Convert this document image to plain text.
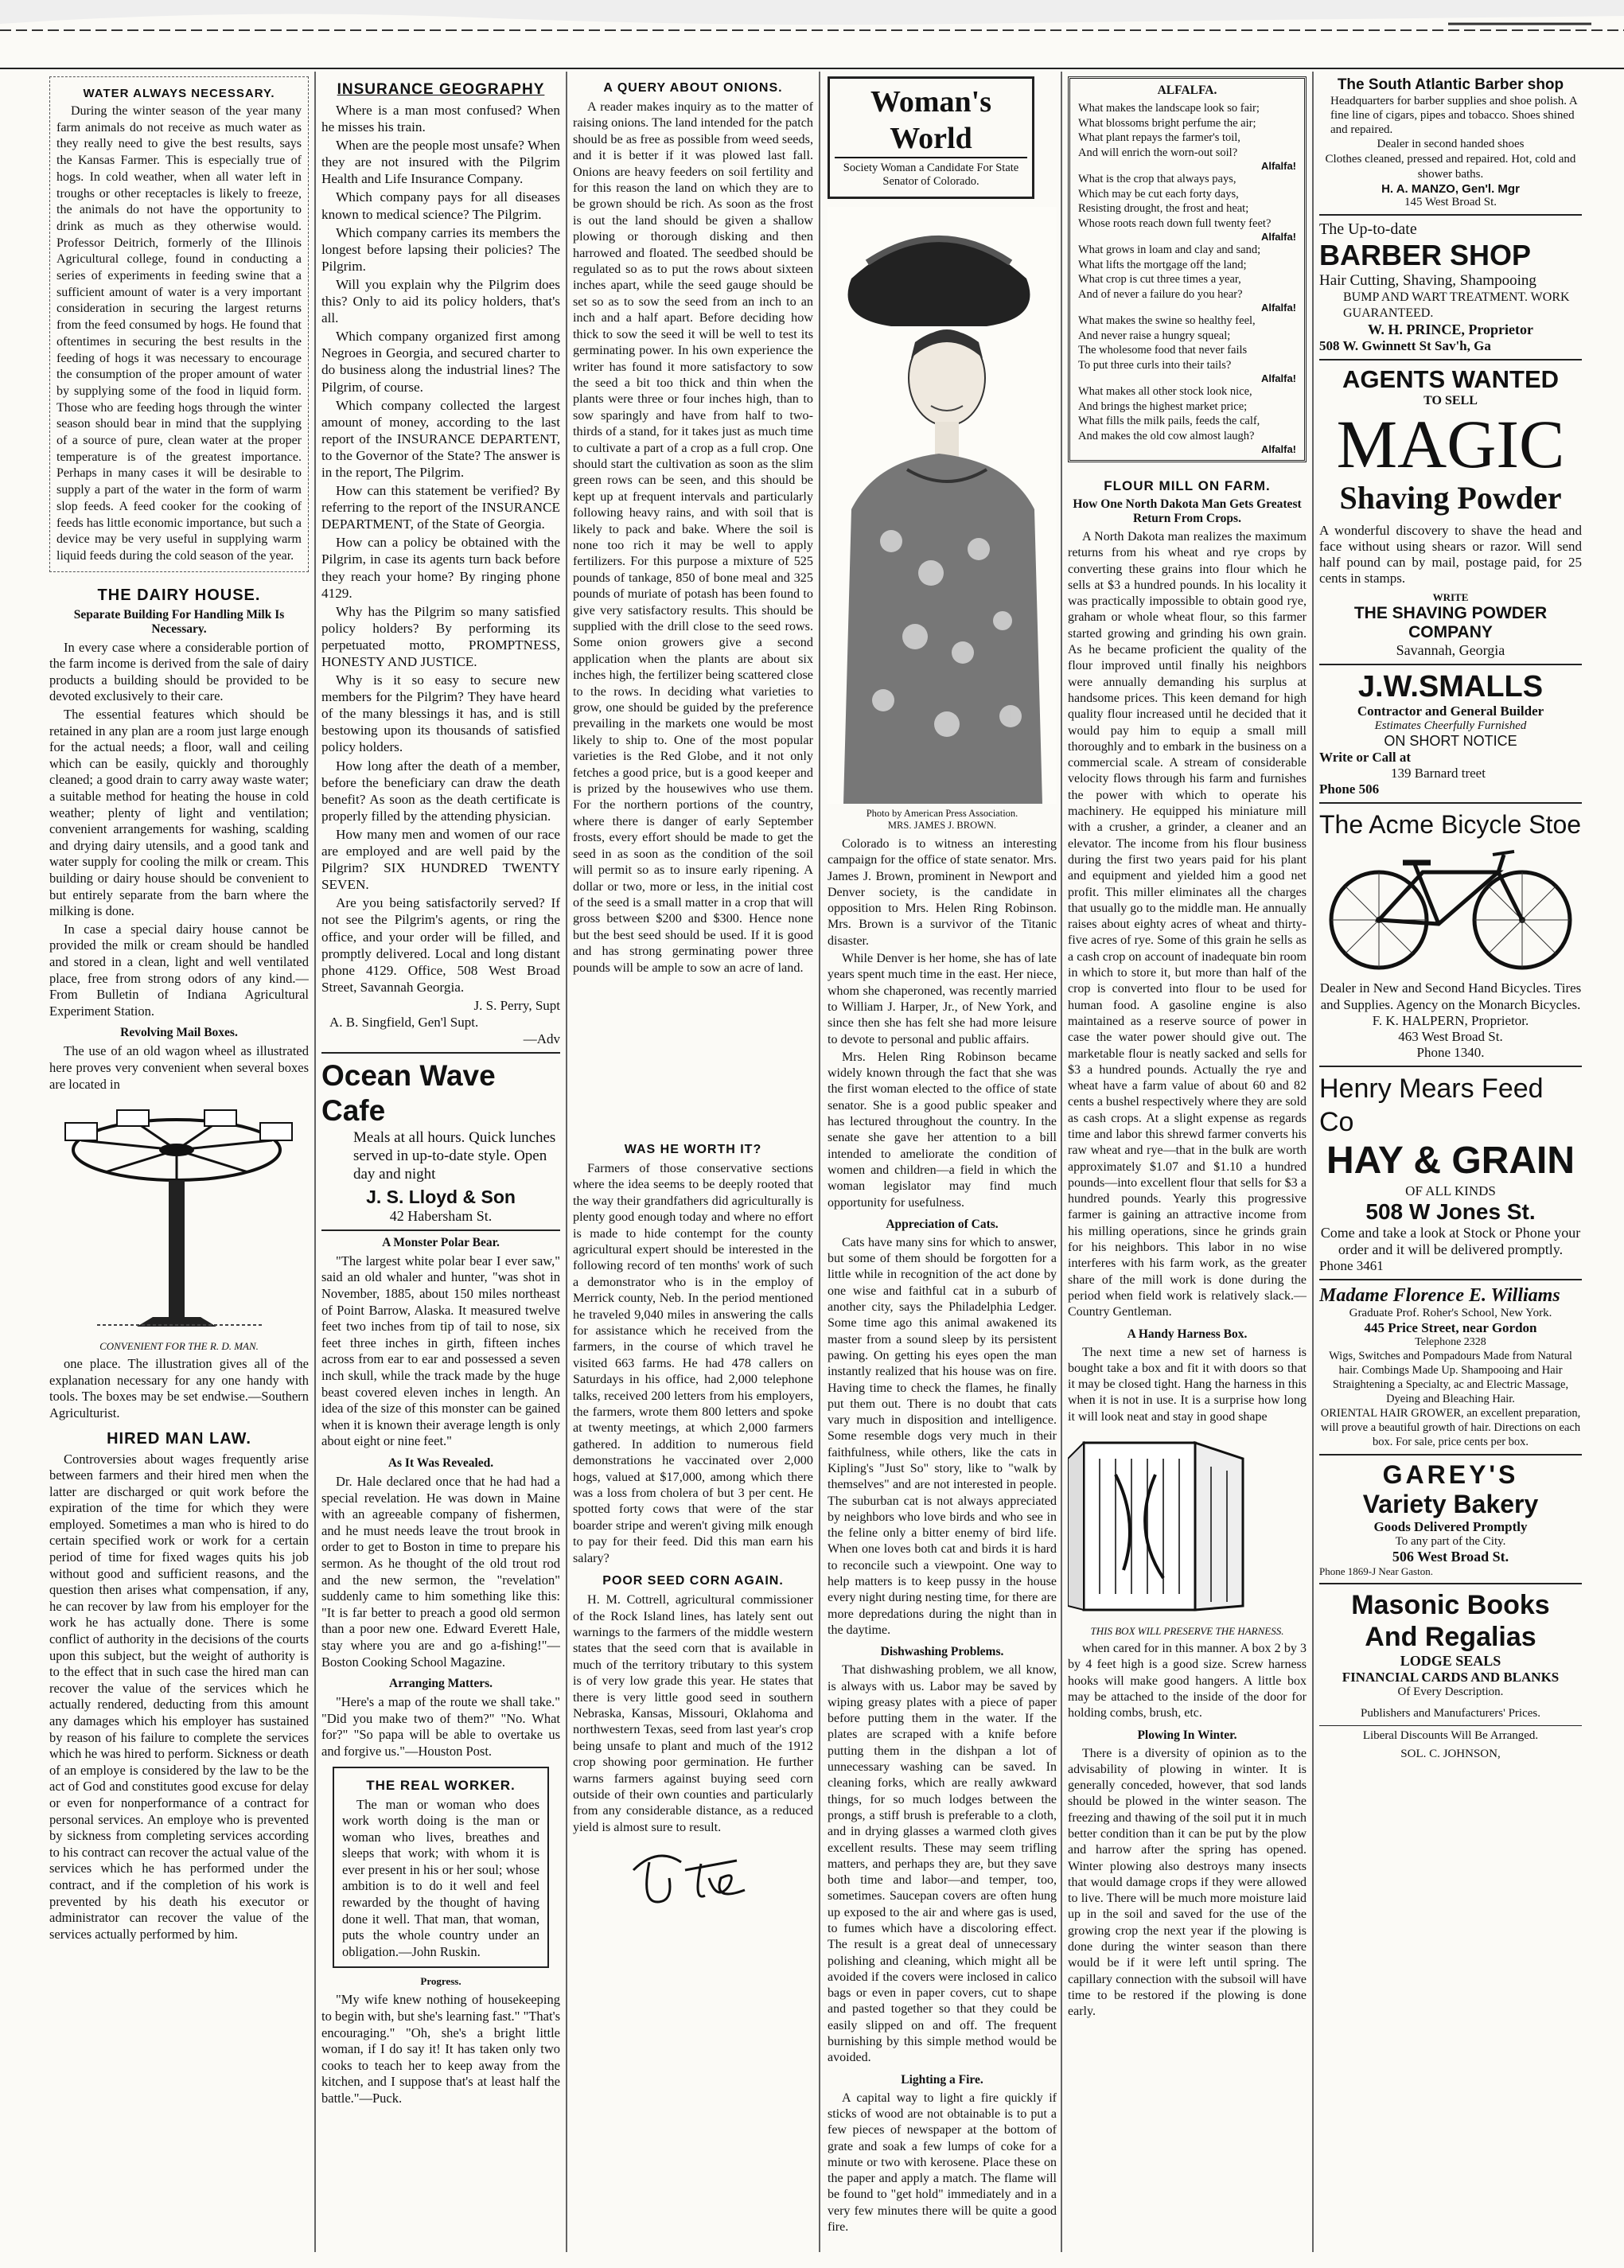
WATER ALWAYS NECESSARY.

During the winter season of the year many farm animals do not receive as much water as they really need to give the best results, says the Kansas Farmer. This is especially true of hogs. In cold weather, when all water left in troughs or other receptacles is likely to freeze, the animals do not have the opportunity to drink as much as they otherwise would. Professor Deitrich, formerly of the Illinois Agricultural college, found in conducting a series of experiments in feeding swine that a sufficient amount of water is a very important consideration in securing the largest returns from the feed consumed by hogs. He found that oftentimes in securing the best results in the feeding of hogs it was necessary to encourage the consumption of the proper amount of water by supplying some of the food in liquid form. Those who are feeding hogs through the winter season should bear in mind that the supplying of a source of pure, clean water at the proper temperature is of the greatest importance. Perhaps in many cases it will be desirable to supply a part of the water in the form of warm slop feeds. A feed cooker for the cooking of feeds has little economic importance, but such a device may be very useful in supplying warm liquid feeds during the cold season of the year.

THE DAIRY HOUSE.
Separate Building For Handling Milk Is Necessary.

In every case where a considerable portion of the farm income is derived from the sale of dairy products a building should be provided to be devoted exclusively to their care.

The essential features which should be retained in any plan are a room just large enough for the actual needs; a floor, wall and ceiling which can be easily, quickly and thoroughly cleaned; a good drain to carry away waste water; a suitable method for heating the house in cold weather; plenty of light and ventilation; convenient arrangements for washing, scalding and drying dairy utensils, and a good tank and water supply for cooling the milk or cream. This building or dairy house should be convenient to but entirely separate from the barn where the milking is done.

In case a special dairy house cannot be provided the milk or cream should be handled and stored in a clean, light and well ventilated place, free from strong odors of any kind.—From Bulletin of Indiana Agricultural Experiment Station.

Revolving Mail Boxes.

The use of an old wagon wheel as illustrated here proves very convenient when several boxes are located in

CONVENIENT FOR THE R. D. MAN.

one place. The illustration gives all of the explanation necessary for any one handy with tools. The boxes may be set endwise.—Southern Agriculturist.

HIRED MAN LAW.

Controversies about wages frequently arise between farmers and their hired men when the latter are discharged or quit work before the expiration of the time for which they were employed. Sometimes a man who is hired to do certain specified work or work for a certain period of time for fixed wages quits his job without good and sufficient reasons, and the question then arises what compensation, if any, he can recover by law from his employer for the work he has actually done. There is some conflict of authority in the decisions of the courts upon this subject, but the weight of authority is to the effect that in such case the hired man can recover the value of the services which he actually rendered, deducting from this amount any damages which his employer has sustained by reason of his failure to complete the services which he was hired to perform. Sickness or death of an employe is considered by the law to be the act of God and constitutes good excuse for delay or even for nonperformance of a contract for personal services. An employe who is prevented by sickness from completing services according to his contract can recover the actual value of the services which he has performed under the contract, and if the completion of his work is prevented by his death his executor or administrator can recover the value of the services actually performed by him.

INSURANCE GEOGRAPHY

Where is a man most confused? When he misses his train.

When are the people most unsafe? When they are not insured with the Pilgrim Health and Life Insurance Company.

Which company pays for all diseases known to medical science? The Pilgrim.

Which company carries its members the longest before lapsing their policies? The Pilgrim.

Will you explain why the Pilgrim does this? Only to aid its policy holders, that's all.

Which company organized first among Negroes in Georgia, and secured charter to do business along the industrial lines? The Pilgrim, of course.

Which company collected the largest amount of money, according to the last report of the INSURANCE DEPARTENT, to the Governor of the State? The answer is in the report, The Pilgrim.

How can this statement be verified? By referring to the report of the INSURANCE DEPARTMENT, of the State of Georgia.

How can a policy be obtained with the Pilgrim, in case its agents turn back before they reach your home? By ringing phone 4129.

Why has the Pilgrim so many satisfied policy holders? By performing its perpetuated motto, PROMPTNESS, HONESTY AND JUSTICE.

Why is it so easy to secure new members for the Pilgrim? They have heard of the many blessings it has, and is still bestowing upon its thousands of satisfied policy holders.

How long after the death of a member, before the beneficiary can draw the death benefit? As soon as the death certificate is properly filled by the attending physician.

How many men and women of our race are employed and are well paid by the Pilgrim? SIX HUNDRED TWENTY SEVEN.

Are you being satisfactorily served? If not see the Pilgrim's agents, or ring the office, and your order will be filled, and promptly delivered. Local and long distant phone 4129. Office, 508 West Broad Street, Savannah Georgia.

J. S. Perry, Supt
A. B. Singfield, Gen'l Supt.
—Adv
Ocean Wave Cafe
Meals at all hours. Quick lunches served in up-to-date style. Open day and night
J. S. Lloyd & Son
42 Habersham St.
A Monster Polar Bear.

"The largest white polar bear I ever saw," said an old whaler and hunter, "was shot in November, 1885, about 150 miles northeast of Point Barrow, Alaska. It measured twelve feet two inches from tip of tail to nose, six feet three inches in girth, fifteen inches across from ear to ear and possessed a seven inch skull, while the track made by the huge beast covered eleven inches in length. An idea of the size of this monster can be gained when it is known their average length is only about eight or nine feet."

As It Was Revealed.

Dr. Hale declared once that he had had a special revelation. He was down in Maine with an agreeable company of fishermen, and he must needs leave the trout brook in order to get to Boston in time to prepare his sermon. As he thought of the old trout rod and the new sermon, the "revelation" suddenly came to him something like this: "It is far better to preach a good old sermon than a poor new one. Edward Everett Hale, stay where you are and go a-fishing!"—Boston Cooking School Magazine.

Arranging Matters.

"Here's a map of the route we shall take." "Did you make two of them?" "No. What for?" "So papa will be able to overtake us and forgive us."—Houston Post.

THE REAL WORKER.

The man or woman who does work worth doing is the man or woman who lives, breathes and sleeps that work; with whom it is ever present in his or her soul; whose ambition is to do it well and feel rewarded by the thought of having done it well. That man, that woman, puts the whole country under an obligation.—John Ruskin.

Progress.

"My wife knew nothing of housekeeping to begin with, but she's learning fast." "That's encouraging." "Oh, she's a bright little woman, if I do say it! It has taken only two cooks to teach her to keep away from the kitchen, and I suppose that's at least half the battle."—Puck.

A QUERY ABOUT ONIONS.

A reader makes inquiry as to the matter of raising onions. The land intended for the patch should be as free as possible from weed seeds, and it is better if it was plowed last fall. Onions are heavy feeders on soil fertility and for this reason the land on which they are to be grown should be rich. As soon as the frost is out the land should be given a shallow plowing or thorough disking and then harrowed and floated. The seedbed should be regulated so as to put the rows about sixteen inches apart, while the seed gauge should be set so as to sow the seed from an inch to an inch and a half apart. Before deciding how thick to sow the seed it will be well to test its germinating power. In his own experience the writer has found it more satisfactory to sow the seed a bit too thick and thin when the plants were three or four inches high, than to sow sparingly and have from half to two-thirds of a stand, for it takes just as much time to cultivate a part of a crop as a full crop. One should start the cultivation as soon as the slim green rows can be seen, and this should be kept up at frequent intervals and particularly following heavy rains, and with soil that is likely to pack and bake. Where the soil is none too rich it may be well to apply fertilizers. For this purpose a mixture of 525 pounds of tankage, 850 of bone meal and 325 pounds of muriate of potash has been found to give very satisfactory results. This should be supplied with the drill close to the seed rows. Some onion growers give a second application when the plants are about six inches high, the fertilizer being scattered close to the rows. In deciding what varieties to grow, one should be guided by the preference prevailing in the markets one would be most likely to ship to. One of the most popular varieties is the Red Globe, and it not only fetches a good price, but is a good keeper and is prized by the housewives who use them. For the northern portions of the country, where there is danger of early September frosts, every effort should be made to get the seed in as soon as the condition of the soil will permit so as to insure early ripening. A dollar or two, more or less, in the initial cost of the seed is a small matter in a crop that will gross between $200 and $300. Hence none but the best seed should be used. If it is good and has strong germinating power three pounds will be ample to sow an acre of land.

WAS HE WORTH IT?

Farmers of those conservative sections where the idea seems to be deeply rooted that the way their grandfathers did agriculturally is plenty good enough today and where no effort is made to hide contempt for the county agricultural expert should be interested in the following record of ten months' work of such a demonstrator who is in the employ of Merrick county, Neb. In the period mentioned he traveled 9,040 miles in answering the calls for assistance which he received from the farmers, in the course of which travel he visited 663 farms. He had 478 callers on Saturdays in his office, had 2,000 telephone talks, received 200 letters from his employers, the farmers, wrote them 800 letters and spoke at twenty meetings, at which 2,000 farmers gathered. In addition to numerous field demonstrations he vaccinated over 2,000 hogs, valued at $17,000, among which there was a loss from cholera of but 3 per cent. He spotted forty cows that were of the star boarder stripe and weren't giving milk enough to pay for their feed. Did this man earn his salary?

POOR SEED CORN AGAIN.

H. M. Cottrell, agricultural commissioner of the Rock Island lines, has lately sent out warnings to the farmers of the middle western states that the seed corn that is available in much of the territory tributary to this system is of very low grade this year. He states that there is very little good seed in southern Nebraska, Kansas, Missouri, Oklahoma and northwestern Texas, seed from last year's crop being unsafe to plant and much of the 1912 crop showing poor germination. He further warns farmers against buying seed corn outside of their own counties and particularly from any considerable distance, as a reduced yield is almost sure to result.

Woman's World
Society Woman a Candidate For State Senator of Colorado.
Photo by American Press Association.
MRS. JAMES J. BROWN.

Colorado is to witness an interesting campaign for the office of state senator. Mrs. James J. Brown, prominent in Newport and Denver society, is the candidate in opposition to Mrs. Helen Ring Robinson. Mrs. Brown is a survivor of the Titanic disaster.

While Denver is her home, she has of late years spent much time in the east. Her niece, whom she chaperoned, was recently married to William J. Harper, Jr., of New York, and since then she has felt she had more leisure to devote to personal and public affairs.

Mrs. Helen Ring Robinson became widely known through the fact that she was the first woman elected to the office of state senator. She is a good public speaker and has lectured throughout the country. In the senate she gave her attention to a bill intended to ameliorate the condition of women and children—a field in which the woman legislator may find much opportunity for usefulness.

Appreciation of Cats.

Cats have many sins for which to answer, but some of them should be forgotten for a little while in recognition of the act done by one wise and faithful cat in a suburb of another city, says the Philadelphia Ledger. Some time ago this animal awakened its master from a sound sleep by its persistent pawing. On getting his eyes open the man instantly realized that his house was on fire. Having time to check the flames, he finally put them out. There is no doubt that cats vary much in disposition and intelligence. Some resemble dogs very much in their faithfulness, while others, like the cats in Kipling's "Just So" story, like to "walk by themselves" and are not interested in people. The suburban cat is not always appreciated by neighbors who love birds and who see in the feline only a bitter enemy of bird life. When one loves both cat and birds it is hard to reconcile such a viewpoint. One way to help matters is to keep pussy in the house every night during nesting time, for there are more depredations during the night than in the daytime.

Dishwashing Problems.

That dishwashing problem, we all know, is always with us. Labor may be saved by wiping greasy plates with a piece of paper before putting them in the water. If the plates are scraped with a knife before putting them in the dishpan a lot of unnecessary washing can be saved. In cleaning forks, which are really awkward things, for so much lodges between the prongs, a stiff brush is preferable to a cloth, and in drying glasses a warmed cloth gives excellent results. These may seem trifling matters, and perhaps they are, but they save both time and labor—and temper, too, sometimes. Saucepan covers are often hung up exposed to the air and where gas is used, to fumes which have a discoloring effect. The result is a great deal of unnecessary polishing and cleaning, which might all be avoided if the covers were inclosed in calico bags or even in paper covers, cut to shape and pasted together so that they could be easily slipped on and off. The frequent burnishing by this simple method would be avoided.

Lighting a Fire.

A capital way to light a fire quickly if sticks of wood are not obtainable is to put a few pieces of newspaper at the bottom of grate and soak a few lumps of coke for a minute or two with kerosene. Place these on the paper and apply a match. The flame will be found to "get hold" immediately and in a very few minutes there will be quite a good fire.

ALFALFA.
What makes the landscape look so fair;
What blossoms bright perfume the air;
What plant repays the farmer's toil,
And will enrich the worn-out soil?
Alfalfa!
What is the crop that always pays,
Which may be cut each forty days,
Resisting drought, the frost and heat;
Whose roots reach down full twenty feet?
Alfalfa!
What grows in loam and clay and sand;
What lifts the mortgage off the land;
What crop is cut three times a year,
And of never a failure do you hear?
Alfalfa!
What makes the swine so healthy feel,
And never raise a hungry squeal;
The wholesome food that never fails
To put three curls into their tails?
Alfalfa!
What makes all other stock look nice,
And brings the highest market price;
What fills the milk pails, feeds the calf,
And makes the old cow almost laugh?
Alfalfa!
FLOUR MILL ON FARM.
How One North Dakota Man Gets Greatest Return From Crops.

A North Dakota man realizes the maximum returns from his wheat and rye crops by converting these grains into flour which he sells at $3 a hundred pounds. In his locality it was practically impossible to obtain good rye, graham or whole wheat flour, so this farmer started growing and grinding his own grain. As he became proficient the quality of the flour improved until finally his neighbors were annually demanding his surplus at handsome prices. This keen demand for high quality flour increased until he decided that it would pay him to equip a small mill thoroughly and to embark in the business on a commercial scale. A stream of considerable velocity flows through his farm and furnishes the power with which to operate his machinery. He equipped his miniature mill with a crusher, a grinder, a cleaner and an elevator. The income from his flour business during the first two years paid for his plant and equipment and yielded him a good net profit. This miller eliminates all the charges that usually go to the middle man. He annually raises about eighty acres of wheat and thirty-five acres of rye. Some of this grain he sells as a cash crop on account of inadequate bin room in which to store it, but more than half of the crop is converted into flour to be used for human food. A gasoline engine is also maintained as a reserve source of power in case the water power should give out. The marketable flour is neatly sacked and sells for $3 a hundred pounds. Actually the rye and wheat have a farm value of about 60 and 82 cents a bushel respectively where they are sold as cash crops. At a slight expense as regards time and labor this shrewd farmer converts his raw wheat and rye—that in the bulk are worth approximately $1.07 and $1.10 a hundred pounds—into excellent flour that sells for $3 a hundred pounds. Yearly this progressive farmer is gaining an attractive income from his milling operations, since he grinds grain for his neighbors. This labor in no wise interferes with his farm work, as the greater share of the mill work is done during the period when field work is relatively slack.—Country Gentleman.

A Handy Harness Box.

The next time a new set of harness is bought take a box and fit it with doors so that it may be closed tight. Hang the harness in this when it is not in use. It is a surprise how long it will look neat and stay in good shape

THIS BOX WILL PRESERVE THE HARNESS.

when cared for in this manner. A box 2 by 3 by 4 feet high is a good size. Screw harness hooks will make good hangers. A little box may be attached to the inside of the door for holding combs, brush, etc.

Plowing In Winter.

There is a diversity of opinion as to the advisability of plowing in winter. It is generally conceded, however, that sod lands should be plowed in the winter season. The freezing and thawing of the soil put it in much better condition than it can be put by the plow and harrow after the spring has opened. Winter plowing also destroys many insects that would damage crops if they were allowed to live. There will be much more moisture laid up in the soil and saved for the use of the growing crop the next year if the plowing is done during the winter season than there would be if it were left until spring. The capillary connection with the subsoil will have time to be restored if the plowing is done early.

The South Atlantic Barber shop
Headquarters for barber supplies and shoe polish. A fine line of cigars, pipes and tobacco. Shoes shined and repaired.
Dealer in second handed shoes
Clothes cleaned, pressed and repaired. Hot, cold and shower baths.
H. A. MANZO, Gen'l. Mgr
145 West Broad St.
The Up-to-date
BARBER SHOP
Hair Cutting, Shaving, Shampooing
BUMP AND WART TREATMENT. WORK GUARANTEED.
W. H. PRINCE, Proprietor
508 W. Gwinnett St Sav'h, Ga
AGENTS WANTED
TO SELL
MAGIC
Shaving Powder
A wonderful discovery to shave the head and face without using shears or razor. Will send half pound can by mail, postage paid, for 25 cents in stamps.
WRITE
THE SHAVING POWDER COMPANY
Savannah, Georgia
J.W.SMALLS
Contractor and General Builder
Estimates Cheerfully Furnished
ON SHORT NOTICE
Write or Call at
139 Barnard treet
Phone 506
The Acme Bicycle Stoe
Dealer in New and Second Hand Bicycles. Tires and Supplies. Agency on the Monarch Bicycles.
F. K. HALPERN, Proprietor.
463 West Broad St.
Phone 1340.
Henry Mears Feed Co
HAY & GRAIN
OF ALL KINDS
508 W Jones St.
Come and take a look at Stock or Phone your order and it will be delivered promptly.
Phone 3461
Madame Florence E. Williams
Graduate Prof. Roher's School, New York.
445 Price Street, near Gordon
Telephone 2328
Wigs, Switches and Pompadours Made from Natural hair. Combings Made Up. Shampooing and Hair Straightening a Specialty, ac and Electric Massage, Dyeing and Bleaching Hair.
ORIENTAL HAIR GROWER, an excellent preparation, will prove a beautiful growth of hair. Directions on each box. For sale, price cents per box.
GAREY'S
Variety Bakery
Goods Delivered Promptly
To any part of the City.
506 West Broad St.
Phone 1869-J Near Gaston.
Masonic Books
And Regalias
LODGE SEALS
FINANCIAL CARDS AND BLANKS
Of Every Description.
Publishers and Manufacturers' Prices.
Liberal Discounts Will Be Arranged.
SOL. C. JOHNSON,
